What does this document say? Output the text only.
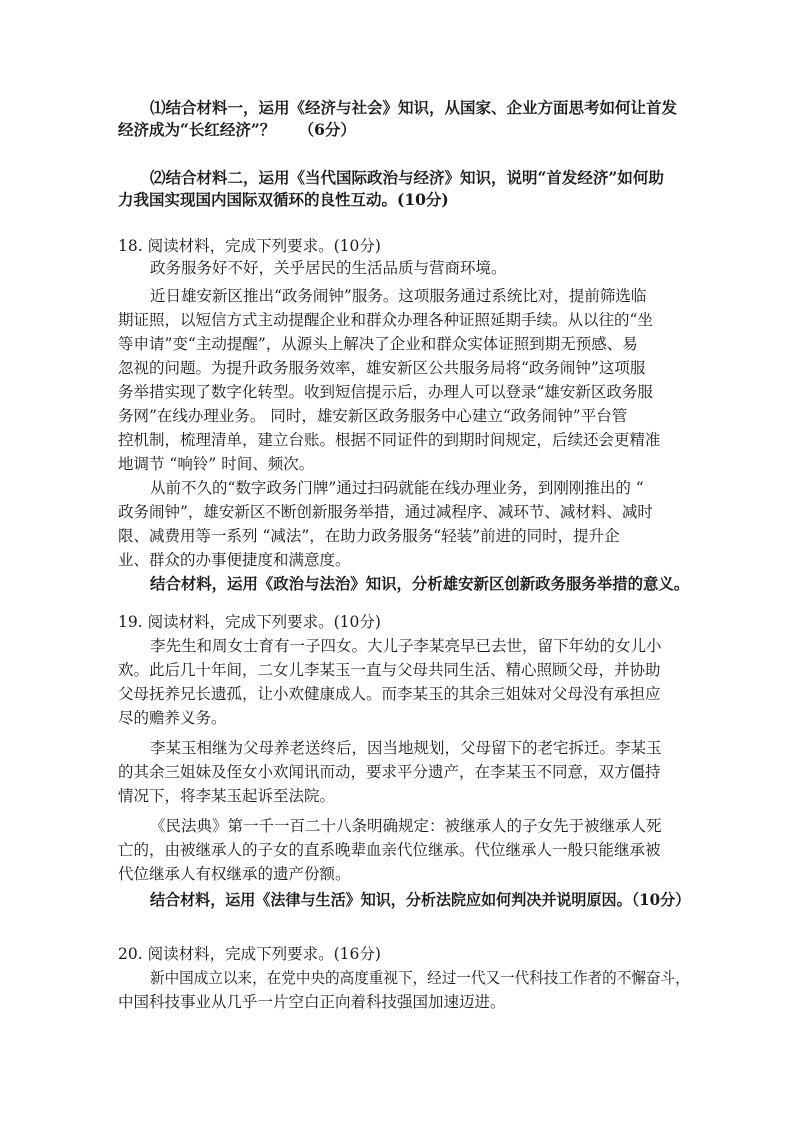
⑴结合材料一，运用《经济与社会》知识，从国家、企业方面思考如何让首发
经济成为“长红经济”？　　（6分）
⑵结合材料二，运用《当代国际政治与经济》知识，说明“首发经济”如何助
力我国实现国内国际双循环的良性互动。(10分)
18. 阅读材料，完成下列要求。(10分)
政务服务好不好，关乎居民的生活品质与营商环境。
近日雄安新区推出“政务闹钟”服务。这项服务通过系统比对，提前筛选临
期证照，以短信方式主动提醒企业和群众办理各种证照延期手续。从以往的“坐
等申请”变“主动提醒”，从源头上解决了企业和群众实体证照到期无预感、易
忽视的问题。为提升政务服务效率，雄安新区公共服务局将“政务闹钟”这项服
务举措实现了数字化转型。收到短信提示后，办理人可以登录“雄安新区政务服
务网”在线办理业务。 同时，雄安新区政务服务中心建立“政务闹钟”平台管
控机制，梳理清单，建立台账。根据不同证件的到期时间规定，后续还会更精准
地调节 “响铃” 时间、频次。
从前不久的“数字政务门牌”通过扫码就能在线办理业务，到刚刚推出的 “
政务闹钟”，雄安新区不断创新服务举措，通过减程序、减环节、减材料、减时
限、减费用等一系列 “减法”，在助力政务服务“轻装”前进的同时，提升企
业、群众的办事便捷度和满意度。
结合材料，运用《政治与法治》知识，分析雄安新区创新政务服务举措的意义。
19. 阅读材料，完成下列要求。(10分)
李先生和周女士育有一子四女。大儿子李某亮早已去世，留下年幼的女儿小
欢。此后几十年间，二女儿李某玉一直与父母共同生活、精心照顾父母，并协助
父母抚养兄长遗孤，让小欢健康成人。而李某玉的其余三姐妹对父母没有承担应
尽的赡养义务。
李某玉相继为父母养老送终后，因当地规划，父母留下的老宅拆迁。李某玉
的其余三姐妹及侄女小欢闻讯而动，要求平分遗产，在李某玉不同意，双方僵持
情况下，将李某玉起诉至法院。
《民法典》第一千一百二十八条明确规定：被继承人的子女先于被继承人死
亡的，由被继承人的子女的直系晚辈血亲代位继承。代位继承人一般只能继承被
代位继承人有权继承的遗产份额。
结合材料，运用《法律与生活》知识，分析法院应如何判决并说明原因。（10分）
20. 阅读材料，完成下列要求。(16分)
新中国成立以来，在党中央的高度重视下，经过一代又一代科技工作者的不懈奋斗，
中国科技事业从几乎一片空白正向着科技强国加速迈进。
